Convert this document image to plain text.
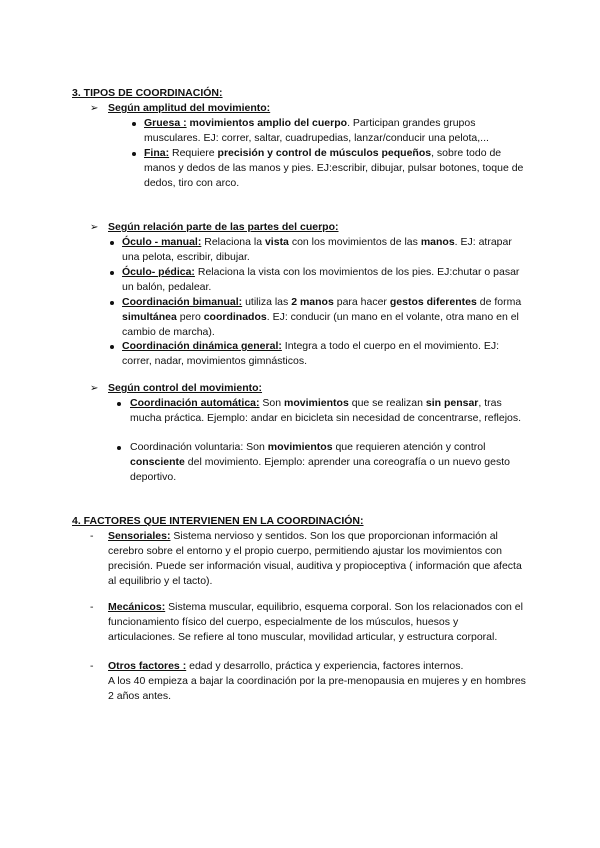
3. TIPOS DE COORDINACIÓN:
➢ Según amplitud del movimiento:
Gruesa : movimientos amplio del cuerpo. Participan grandes grupos musculares. EJ: correr, saltar, cuadrupedias, lanzar/conducir una pelota,...
Fina: Requiere precisión y control de músculos pequeños, sobre todo de manos y dedos de las manos y pies. EJ:escribir, dibujar, pulsar botones, toque de dedos, tiro con arco.
➢ Según relación parte de las partes del cuerpo:
Óculo - manual: Relaciona la vista con los movimientos de las manos. EJ: atrapar una pelota, escribir, dibujar.
Óculo- pédica: Relaciona la vista con los movimientos de los pies. EJ:chutar o pasar un balón, pedalear.
Coordinación bimanual: utiliza las 2 manos para hacer gestos diferentes de forma simultánea pero coordinados. EJ: conducir (un mano en el volante, otra mano en el cambio de marcha).
Coordinación dinámica general: Integra a todo el cuerpo en el movimiento. EJ: correr, nadar, movimientos gimnásticos.
➢ Según control del movimiento:
Coordinación automática: Son movimientos que se realizan sin pensar, tras mucha práctica. Ejemplo: andar en bicicleta sin necesidad de concentrarse, reflejos.
Coordinación voluntaria: Son movimientos que requieren atención y control consciente del movimiento. Ejemplo: aprender una coreografía o un nuevo gesto deportivo.
4. FACTORES QUE INTERVIENEN EN LA COORDINACIÓN:
- Sensoriales: Sistema nervioso y sentidos. Son los que proporcionan información al cerebro sobre el entorno y el propio cuerpo, permitiendo ajustar los movimientos con precisión. Puede ser información visual, auditiva y propioceptiva ( información que afecta al equilibrio y el tacto).
- Mecánicos: Sistema muscular, equilibrio, esquema corporal. Son los relacionados con el funcionamiento físico del cuerpo, especialmente de los músculos, huesos y articulaciones. Se refiere al tono muscular, movilidad articular, y estructura corporal.
- Otros factores : edad y desarrollo, práctica y experiencia, factores internos.
A los 40 empieza a bajar la coordinación por la pre-menopausia en mujeres y en hombres 2 años antes.
